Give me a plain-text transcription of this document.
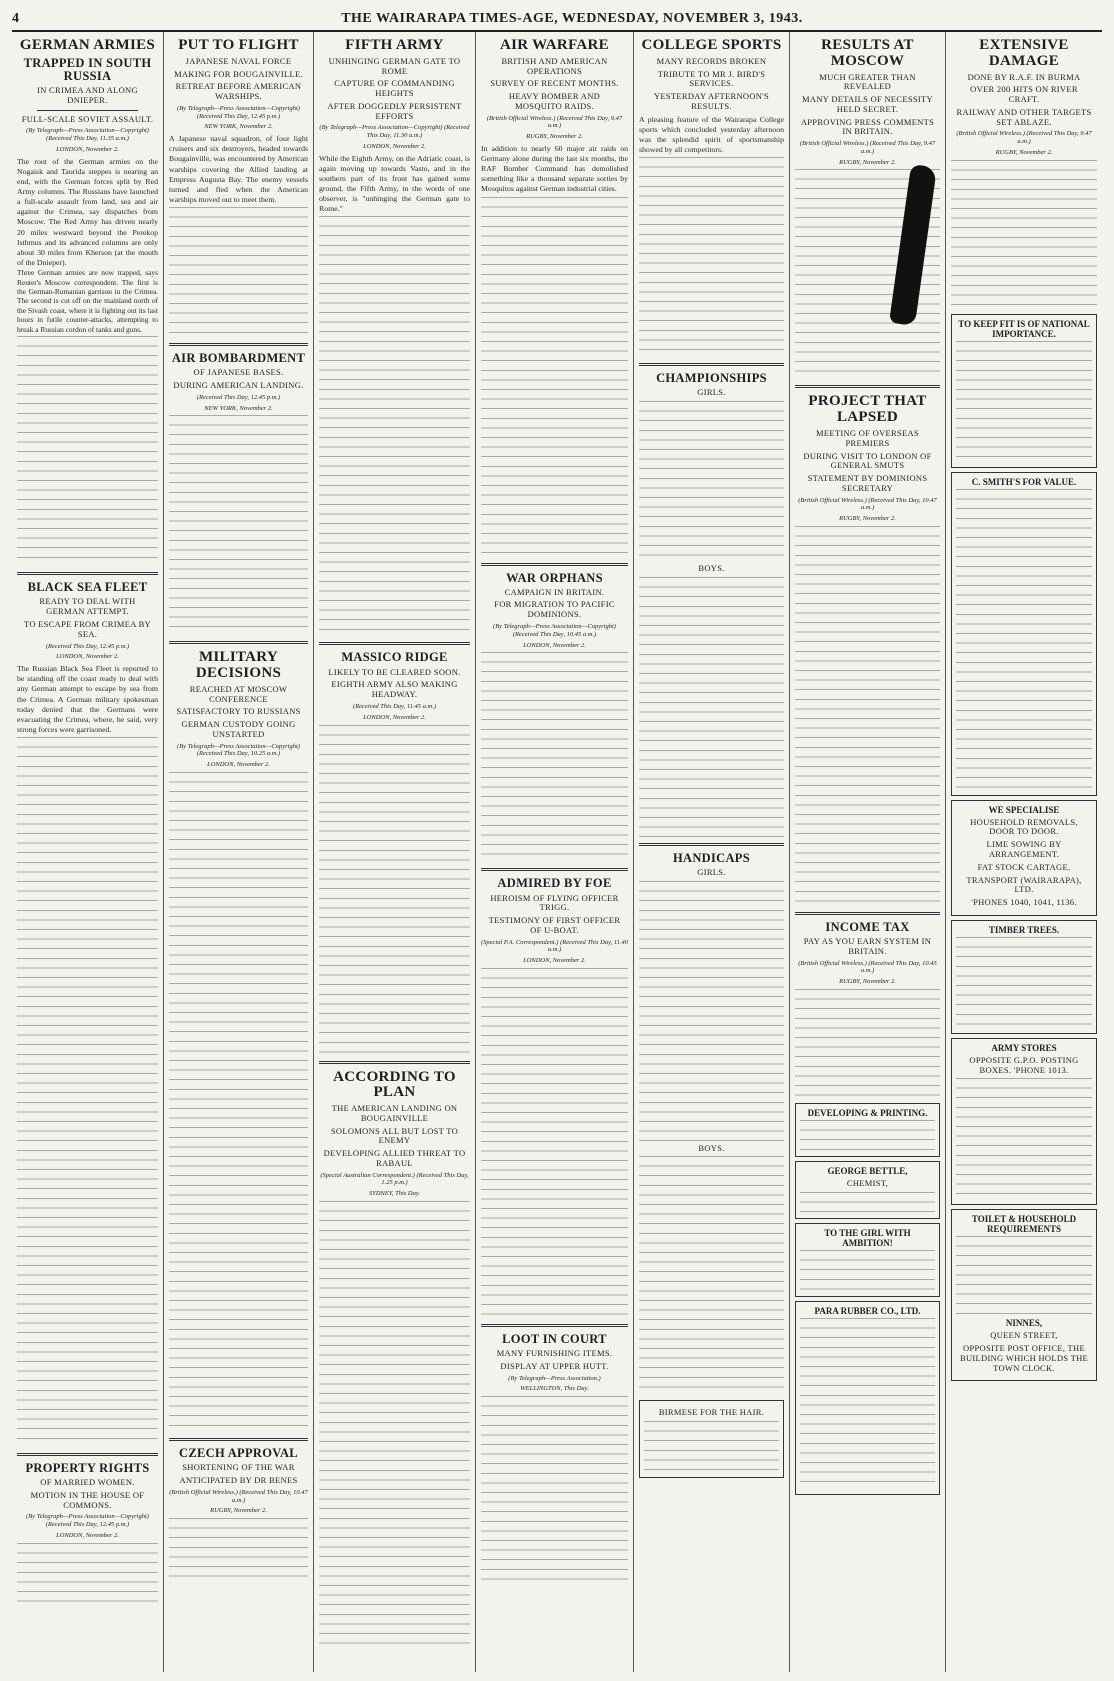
4	THE WAIRARAPA TIMES-AGE, WEDNESDAY, NOVEMBER 3, 1943.
GERMAN ARMIES
TRAPPED IN SOUTH RUSSIA
IN CRIMEA AND ALONG DNIEPER.
FULL-SCALE SOVIET ASSAULT.
(By Telegraph—Press Association—Copyright) (Received This Day, 11.35 a.m.)
LONDON, November 2.
The rout of the German armies on the Nogaisk and Taurida steppes is nearing an end, with the German forces split by Red Army columns. The Russians have launched a full-scale assault from land, sea and air against the Crimea, say dispatches from Moscow. The Red Army has driven nearly 20 miles westward beyond the Perekop Isthmus and its advanced columns are only about 30 miles from Kherson (at the mouth of the Dnieper).
Three German armies are now trapped, says Reuter's Moscow correspondent. The first is the German-Rumanian garrison in the Crimea. The second is cut off on the mainland north of the Sivash coast, where it is fighting out its last hours in futile counter-attacks, attempting to break a Russian cordon of tanks and guns.
BLACK SEA FLEET
READY TO DEAL WITH GERMAN ATTEMPT.
TO ESCAPE FROM CRIMEA BY SEA.
(Received This Day, 12.45 p.m.)
LONDON, November 2.
The Russian Black Sea Fleet is reported to be standing off the coast ready to deal with any German attempt to escape by sea from the Crimea. A German military spokesman today denied that the Germans were evacuating the Crimea, where, he said, very strong forces were garrisoned.
PROPERTY RIGHTS
OF MARRIED WOMEN.
MOTION IN THE HOUSE OF COMMONS.
(By Telegraph—Press Association—Copyright) (Received This Day, 12.45 p.m.)
LONDON, November 2.
PUT TO FLIGHT
JAPANESE NAVAL FORCE
MAKING FOR BOUGAINVILLE.
RETREAT BEFORE AMERICAN WARSHIPS.
(By Telegraph—Press Association—Copyright) (Received This Day, 12.45 p.m.)
NEW YORK, November 2.
A Japanese naval squadron, of four light cruisers and six destroyers, headed towards Bougainville, was encountered by American warships covering the Allied landing at Empress Augusta Bay. The enemy vessels turned and fled when the American warships moved out to meet them.
AIR BOMBARDMENT
OF JAPANESE BASES.
DURING AMERICAN LANDING.
(Received This Day, 12.45 p.m.)
NEW YORK, November 2.
MILITARY DECISIONS
REACHED AT MOSCOW CONFERENCE
SATISFACTORY TO RUSSIANS
GERMAN CUSTODY GOING UNSTARTED
(By Telegraph—Press Association—Copyright) (Received This Day, 10.25 a.m.)
LONDON, November 2.
CZECH APPROVAL
SHORTENING OF THE WAR
ANTICIPATED BY DR BENES
(British Official Wireless.) (Received This Day, 10.47 a.m.)
RUGBY, November 2.
FIFTH ARMY
UNHINGING GERMAN GATE TO ROME
CAPTURE OF COMMANDING HEIGHTS
AFTER DOGGEDLY PERSISTENT EFFORTS
(By Telegraph—Press Association—Copyright) (Received This Day, 11.30 a.m.)
LONDON, November 2.
While the Eighth Army, on the Adriatic coast, is again moving up towards Vasto, and in the southern part of its front has gained some ground, the Fifth Army, in the words of one observer, is "unhinging the German gate to Rome."
MASSICO RIDGE
LIKELY TO BE CLEARED SOON.
EIGHTH ARMY ALSO MAKING HEADWAY.
(Received This Day, 11.45 a.m.)
LONDON, November 2.
ACCORDING TO PLAN
THE AMERICAN LANDING ON BOUGAINVILLE
SOLOMONS ALL BUT LOST TO ENEMY
DEVELOPING ALLIED THREAT TO RABAUL
(Special Australian Correspondent.) (Received This Day, 1.25 p.m.)
SYDNEY, This Day.
AIR WARFARE
BRITISH AND AMERICAN OPERATIONS
SURVEY OF RECENT MONTHS.
HEAVY BOMBER AND MOSQUITO RAIDS.
(British Official Wireless.) (Received This Day, 9.47 a.m.)
RUGBY, November 2.
In addition to nearly 60 major air raids on Germany alone during the last six months, the RAF Bomber Command has demolished something like a thousand separate sorties by Mosquitos against German industrial cities.
WAR ORPHANS
CAMPAIGN IN BRITAIN.
FOR MIGRATION TO PACIFIC DOMINIONS.
(By Telegraph—Press Association—Copyright) (Received This Day, 10.45 a.m.)
LONDON, November 2.
ADMIRED BY FOE
HEROISM OF FLYING OFFICER TRIGG.
TESTIMONY OF FIRST OFFICER OF U-BOAT.
(Special P.A. Correspondent.) (Received This Day, 11.40 a.m.)
LONDON, November 2.
LOOT IN COURT
MANY FURNISHING ITEMS.
DISPLAY AT UPPER HUTT.
(By Telegraph—Press Association.)
WELLINGTON, This Day.
COLLEGE SPORTS
MANY RECORDS BROKEN
TRIBUTE TO MR J. BIRD'S SERVICES.
YESTERDAY AFTERNOON'S RESULTS.
A pleasing feature of the Wairarapa College sports which concluded yesterday afternoon was the splendid spirit of sportsmanship showed by all competitors.
CHAMPIONSHIPS
GIRLS.
BOYS.
HANDICAPS
GIRLS.
BOYS.
BIRMESE FOR THE HAIR.
RESULTS AT MOSCOW
MUCH GREATER THAN REVEALED
MANY DETAILS OF NECESSITY HELD SECRET.
APPROVING PRESS COMMENTS IN BRITAIN.
(British Official Wireless.) (Received This Day, 9.47 a.m.)
RUGBY, November 2.
PROJECT THAT LAPSED
MEETING OF OVERSEAS PREMIERS
DURING VISIT TO LONDON OF GENERAL SMUTS
STATEMENT BY DOMINIONS SECRETARY
(British Official Wireless.) (Received This Day, 10.47 a.m.)
RUGBY, November 2.
INCOME TAX
PAY AS YOU EARN SYSTEM IN BRITAIN.
(British Official Wireless.) (Received This Day, 10.45 a.m.)
RUGBY, November 2.
DEVELOPING & PRINTING.
GEORGE BETTLE,
CHEMIST,
TO THE GIRL WITH AMBITION!
PARA RUBBER CO., LTD.
EXTENSIVE DAMAGE
DONE BY R.A.F. IN BURMA
OVER 200 HITS ON RIVER CRAFT.
RAILWAY AND OTHER TARGETS SET ABLAZE.
(British Official Wireless.) (Received This Day, 9.47 a.m.)
RUGBY, November 2.
TO KEEP FIT IS OF NATIONAL IMPORTANCE.
C. SMITH'S FOR VALUE.
WE SPECIALISE
HOUSEHOLD REMOVALS, DOOR TO DOOR.
LIME SOWING BY ARRANGEMENT.
FAT STOCK CARTAGE.
TRANSPORT (WAIRARAPA), LTD.
'PHONES 1040, 1041, 1136.
TIMBER TREES.
ARMY STORES
OPPOSITE G.P.O. POSTING BOXES. 'PHONE 1013.
TOILET & HOUSEHOLD REQUIREMENTS
NINNES,
QUEEN STREET,
OPPOSITE POST OFFICE, THE BUILDING WHICH HOLDS THE TOWN CLOCK.
